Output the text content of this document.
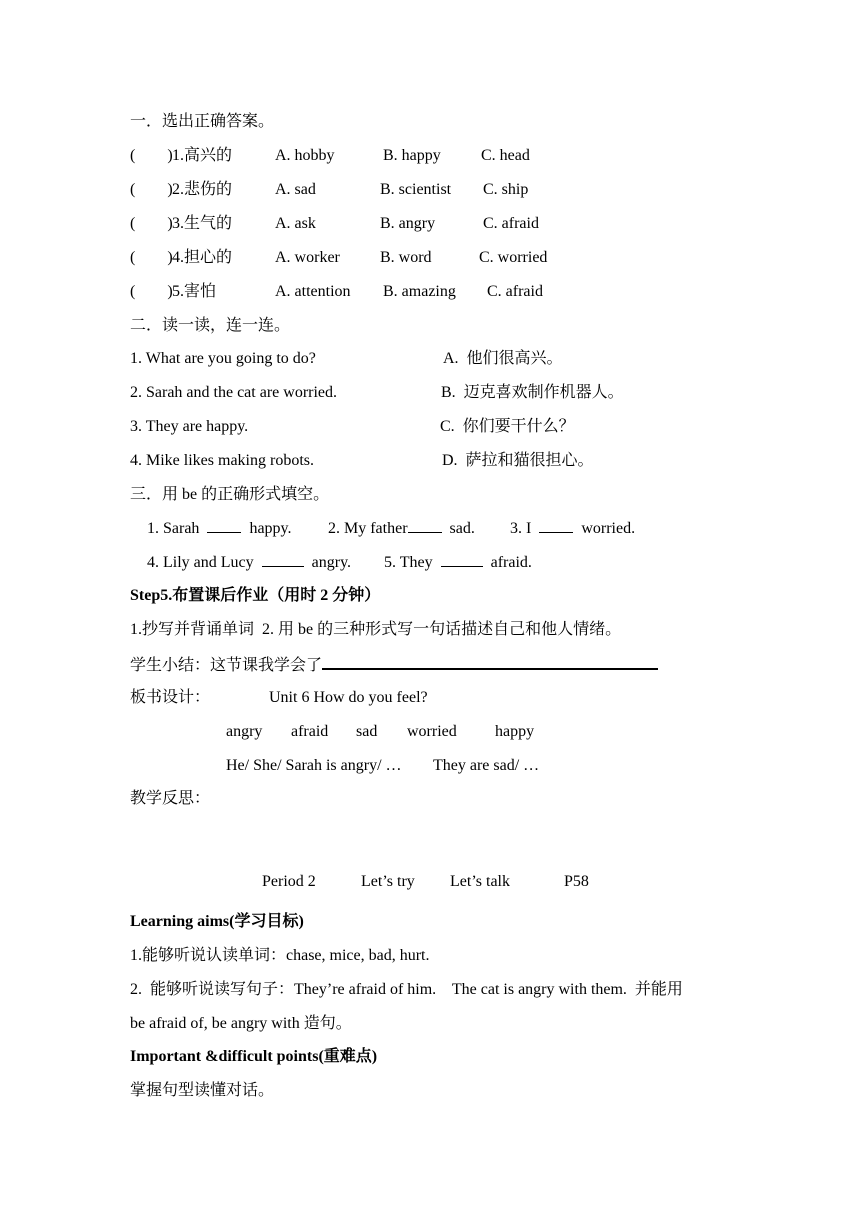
一．选出正确答案。
(        ) 1.高兴的	A. hobby	B. happy	C. head
(        ) 2.悲伤的	A. sad	B. scientist C. ship
(        ) 3.生气的	A. ask	B. angry	C. afraid
(        ) 4.担心的	A. worker	B. word	C. worried
(        ) 5.害怕	A. attention B. amazing C. afraid
二．读一读，连一连。
1. What are you going to do?	A.  他们很高兴。
2. Sarah and the cat are worried.	B.  迈克喜欢制作机器人。
3. They are happy.	C.  你们要干什么？
4. Mike likes making robots.	D.  萨拉和猫很担心。
三．用 be 的正确形式填空。
1. Sarah	happy. 2. My father  sad. 3. I	worried.
4. Lily and Lucy	angry. 5. They	afraid.
Step5.布置课后作业（用时 2 分钟）
1.抄写并背诵单词  2. 用 be 的三种形式写一句话描述自己和他人情绪。
学生小结：这节课我学会了
板书设计：	Unit 6 How do you feel?
angry afraid sad worried happy
He/ She/ Sarah is angry/ … They are sad/ …
教学反思：
Period 2	Let’s try Let’s talk	P58
Learning aims(学习目标)
1.能够听说认读单词：chase, mice, bad, hurt.
2.  能够听说读写句子：They’re afraid of him.    The cat is angry with them.  并能用
be afraid of, be angry with 造句。
Important &difficult points(重难点)
掌握句型读懂对话。
